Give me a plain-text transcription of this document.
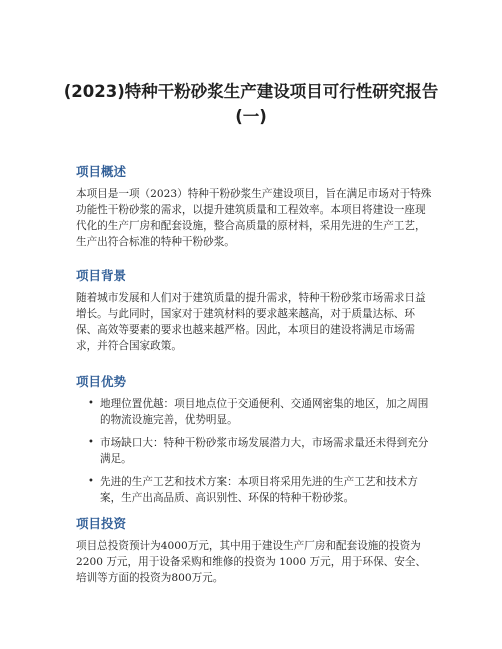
(2023)特种干粉砂浆生产建设项目可行性研究报告(一)
项目概述

本项目是一项（2023）特种干粉砂浆生产建设项目，旨在满足市场对于特殊功能性干粉砂浆的需求，以提升建筑质量和工程效率。本项目将建设一座现代化的生产厂房和配套设施，整合高质量的原材料，采用先进的生产工艺，生产出符合标准的特种干粉砂浆。

项目背景

随着城市发展和人们对于建筑质量的提升需求，特种干粉砂浆市场需求日益增长。与此同时，国家对于建筑材料的要求越来越高，对于质量达标、环保、高效等要素的要求也越来越严格。因此，本项目的建设将满足市场需求，并符合国家政策。

项目优势
• 地理位置优越：项目地点位于交通便利、交通网密集的地区，加之周围的物流设施完善，优势明显。
• 市场缺口大：特种干粉砂浆市场发展潜力大，市场需求量还未得到充分满足。
• 先进的生产工艺和技术方案：本项目将采用先进的生产工艺和技术方案，生产出高品质、高识别性、环保的特种干粉砂浆。
项目投资

项目总投资预计为4000万元，其中用于建设生产厂房和配套设施的投资为 2200 万元，用于设备采购和维修的投资为 1000 万元，用于环保、安全、培训等方面的投资为800万元。
